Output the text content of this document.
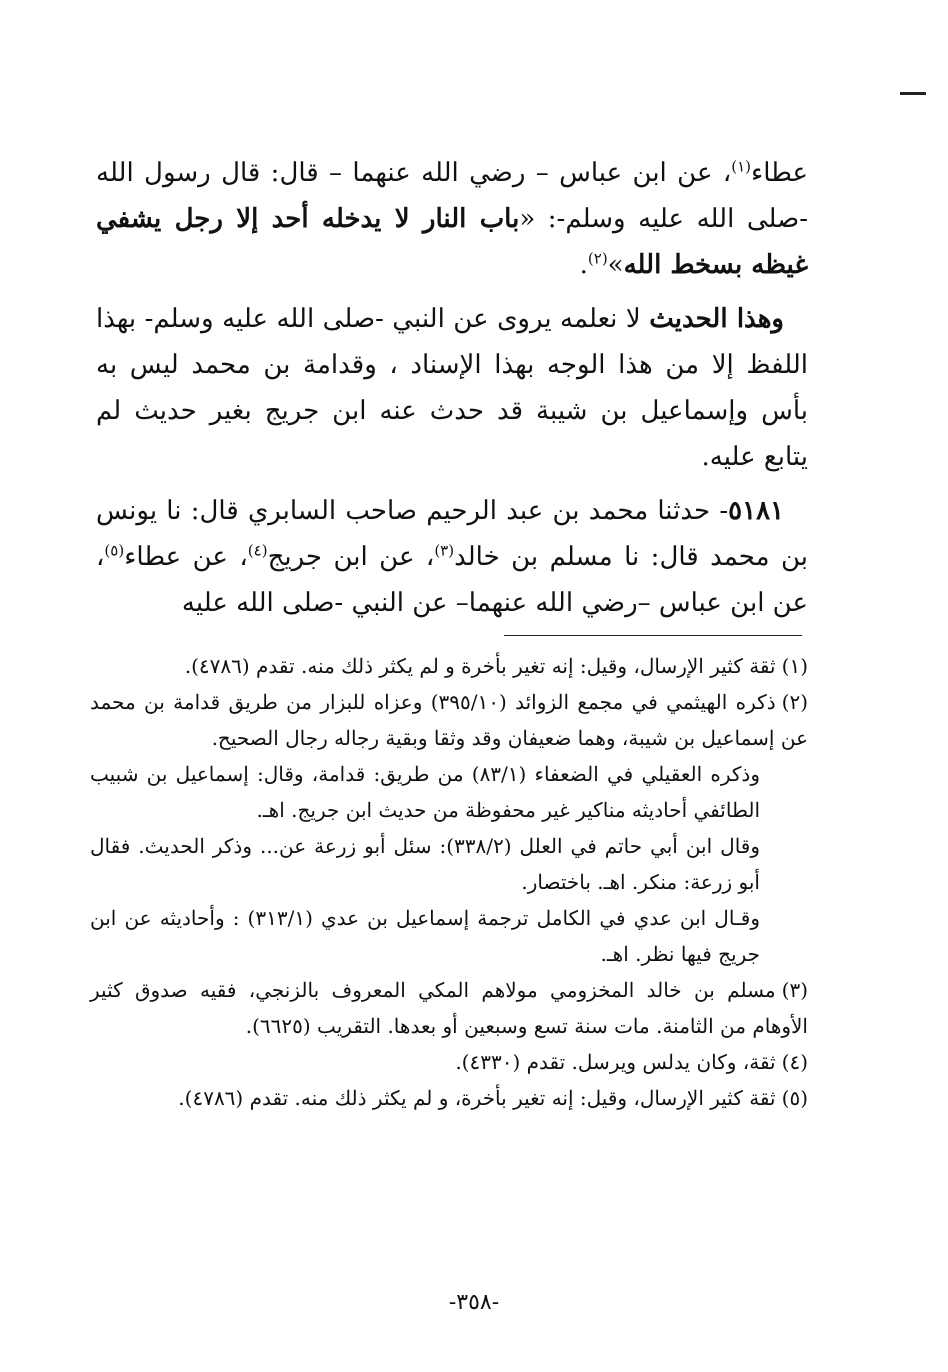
عطاء$^{(١)}$، عن ابن عباس – رضي الله عنهما – قال: قال رسول الله -صلى الله عليه وسلم-: «باب النار لا يدخله أحد إلا رجل يشفي غيظه بسخط الله»$^{(٢)}$.

وهذا الحديث لا نعلمه يروى عن النبي -صلى الله عليه وسلم- بهذا اللفظ إلا من هذا الوجه بهذا الإسناد ، وقدامة بن محمد ليس به بأس وإسماعيل بن شيبة قد حدث عنه ابن جريج بغير حديث لم يتابع عليه.

٥١٨١- حدثنا محمد بن عبد الرحيم صاحب السابري قال: نا يونس بن محمد قال: نا مسلم بن خالد$^{(٣)}$، عن ابن جريج$^{(٤)}$، عن عطاء$^{(٥)}$، عن ابن عباس –رضي الله عنهما– عن النبي -صلى الله عليه

(١)ثقة كثير الإرسال، وقيل: إنه تغير بأخرة و لم يكثر ذلك منه. تقدم (٤٧٨٦).

(٢)ذكره الهيثمي في مجمع الزوائد (٣٩٥/١٠) وعزاه للبزار من طريق قدامة بن محمد عن إسماعيل بن شيبة، وهما ضعيفان وقد وثقا وبقية رجاله رجال الصحيح.

وذكره العقيلي في الضعفاء (٨٣/١) من طريق: قدامة، وقال: إسماعيل بن شبيب الطائفي أحاديثه مناكير غير محفوظة من حديث ابن جريج. اهـ.

وقال ابن أبي حاتم في العلل (٣٣٨/٢): سئل أبو زرعة عن... وذكر الحديث. فقال أبو زرعة: منكر. اهـ. باختصار.

وقـال ابن عدي في الكامل ترجمة إسماعيل بن عدي (٣١٣/١) : وأحاديثه عن ابن جريج فيها نظر. اهـ.

(٣)مسلم بن خالد المخزومي مولاهم المكي المعروف بالزنجي، فقيه صدوق كثير الأوهام من الثامنة. مات سنة تسع وسبعين أو بعدها. التقريب (٦٦٢٥).

(٤)ثقة، وكان يدلس ويرسل. تقدم (٤٣٣٠).

(٥)ثقة كثير الإرسال، وقيل: إنه تغير بأخرة، و لم يكثر ذلك منه. تقدم (٤٧٨٦).

-٣٥٨-
